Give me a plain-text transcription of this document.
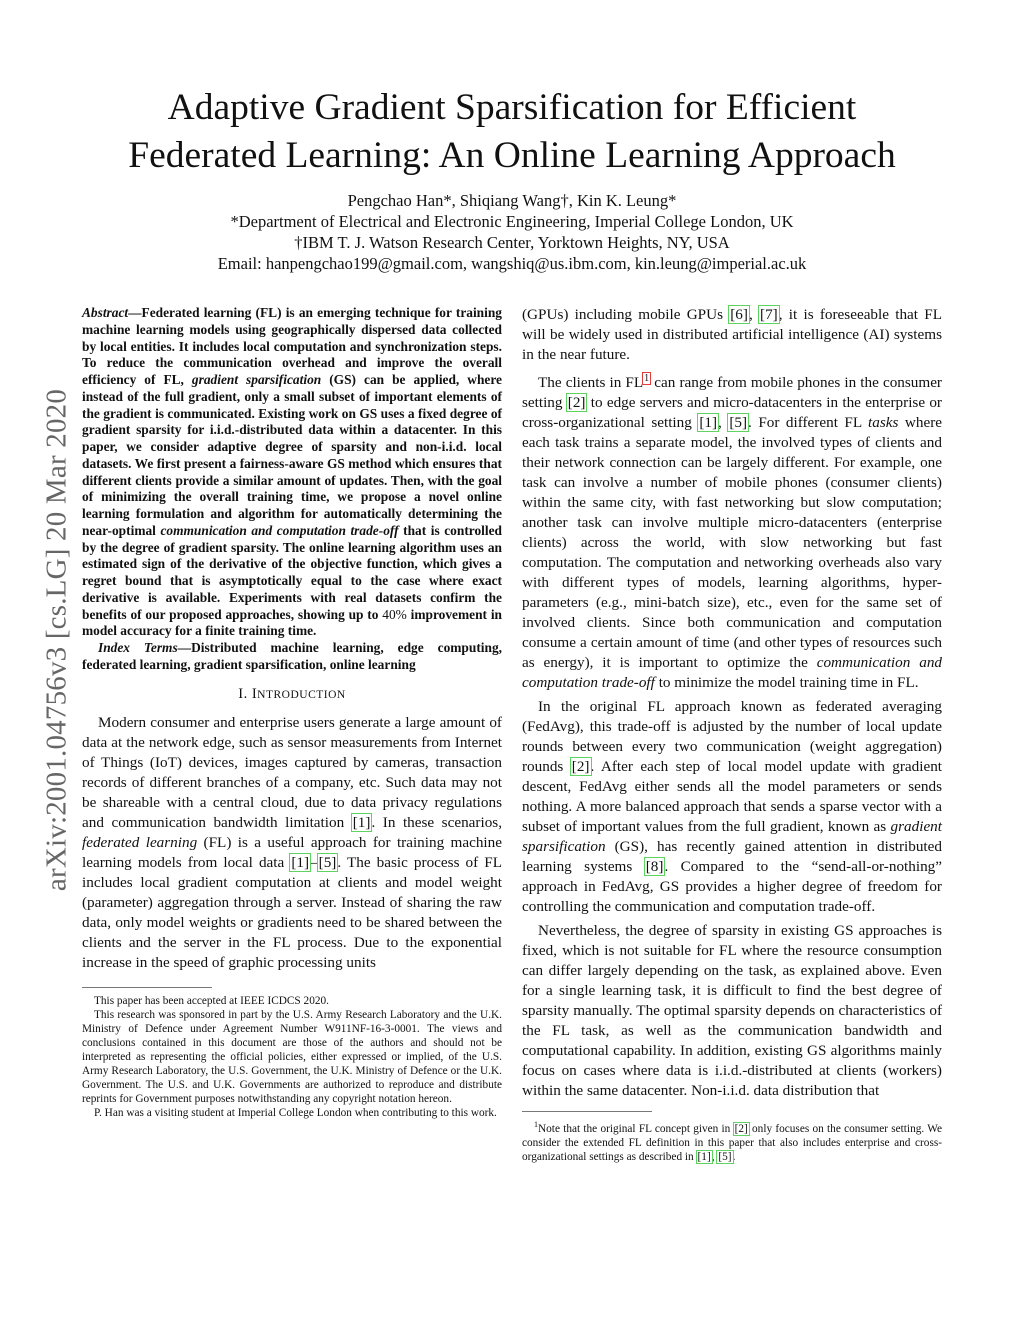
arXiv:2001.04756v3 [cs.LG] 20 Mar 2020
Adaptive Gradient Sparsification for Efficient
Federated Learning: An Online Learning Approach
Pengchao Han*, Shiqiang Wang†, Kin K. Leung*
*Department of Electrical and Electronic Engineering, Imperial College London, UK
†IBM T. J. Watson Research Center, Yorktown Heights, NY, USA
Email: hanpengchao199@gmail.com, wangshiq@us.ibm.com, kin.leung@imperial.ac.uk

Abstract—Federated learning (FL) is an emerging technique for training machine learning models using geographically dispersed data collected by local entities. It includes local computation and synchronization steps. To reduce the communication overhead and improve the overall efficiency of FL, gradient sparsification (GS) can be applied, where instead of the full gradient, only a small subset of important elements of the gradient is communicated. Existing work on GS uses a fixed degree of gradient sparsity for i.i.d.-distributed data within a datacenter. In this paper, we consider adaptive degree of sparsity and non-i.i.d. local datasets. We first present a fairness-aware GS method which ensures that different clients provide a similar amount of updates. Then, with the goal of minimizing the overall training time, we propose a novel online learning formulation and algorithm for automatically determining the near-optimal communication and computation trade-off that is controlled by the degree of gradient sparsity. The online learning algorithm uses an estimated sign of the derivative of the objective function, which gives a regret bound that is asymptotically equal to the case where exact derivative is available. Experiments with real datasets confirm the benefits of our proposed approaches, showing up to 40% improvement in model accuracy for a finite training time.

Index Terms—Distributed machine learning, edge computing, federated learning, gradient sparsification, online learning

I. INTRODUCTION

Modern consumer and enterprise users generate a large amount of data at the network edge, such as sensor measurements from Internet of Things (IoT) devices, images captured by cameras, transaction records of different branches of a company, etc. Such data may not be shareable with a central cloud, due to data privacy regulations and communication bandwidth limitation [1]. In these scenarios, federated learning (FL) is a useful approach for training machine learning models from local data [1]–[5]. The basic process of FL includes local gradient computation at clients and model weight (parameter) aggregation through a server. Instead of sharing the raw data, only model weights or gradients need to be shared between the clients and the server in the FL process. Due to the exponential increase in the speed of graphic processing units

This paper has been accepted at IEEE ICDCS 2020.

This research was sponsored in part by the U.S. Army Research Laboratory and the U.K. Ministry of Defence under Agreement Number W911NF-16-3-0001. The views and conclusions contained in this document are those of the authors and should not be interpreted as representing the official policies, either expressed or implied, of the U.S. Army Research Laboratory, the U.S. Government, the U.K. Ministry of Defence or the U.K. Government. The U.S. and U.K. Governments are authorized to reproduce and distribute reprints for Government purposes notwithstanding any copyright notation hereon.

P. Han was a visiting student at Imperial College London when contributing to this work.

(GPUs) including mobile GPUs [6], [7], it is foreseeable that FL will be widely used in distributed artificial intelligence (AI) systems in the near future.

The clients in FL$^1$ can range from mobile phones in the consumer setting [2] to edge servers and micro-datacenters in the enterprise or cross-organizational setting [1], [5]. For different FL tasks where each task trains a separate model, the involved types of clients and their network connection can be largely different. For example, one task can involve a number of mobile phones (consumer clients) within the same city, with fast networking but slow computation; another task can involve multiple micro-datacenters (enterprise clients) across the world, with slow networking but fast computation. The computation and networking overheads also vary with different types of models, learning algorithms, hyper-parameters (e.g., mini-batch size), etc., even for the same set of involved clients. Since both communication and computation consume a certain amount of time (and other types of resources such as energy), it is important to optimize the communication and computation trade-off to minimize the model training time in FL.

In the original FL approach known as federated averaging (FedAvg), this trade-off is adjusted by the number of local update rounds between every two communication (weight aggregation) rounds [2]. After each step of local model update with gradient descent, FedAvg either sends all the model parameters or sends nothing. A more balanced approach that sends a sparse vector with a subset of important values from the full gradient, known as gradient sparsification (GS), has recently gained attention in distributed learning systems [8]. Compared to the “send-all-or-nothing” approach in FedAvg, GS provides a higher degree of freedom for controlling the communication and computation trade-off.

Nevertheless, the degree of sparsity in existing GS approaches is fixed, which is not suitable for FL where the resource consumption can differ largely depending on the task, as explained above. Even for a single learning task, it is difficult to find the best degree of sparsity manually. The optimal sparsity depends on characteristics of the FL task, as well as the communication bandwidth and computational capability. In addition, existing GS algorithms mainly focus on cases where data is i.i.d.-distributed at clients (workers) within the same datacenter. Non-i.i.d. data distribution that

$^1$Note that the original FL concept given in [2] only focuses on the consumer setting. We consider the extended FL definition in this paper that also includes enterprise and cross-organizational settings as described in [1], [5].
